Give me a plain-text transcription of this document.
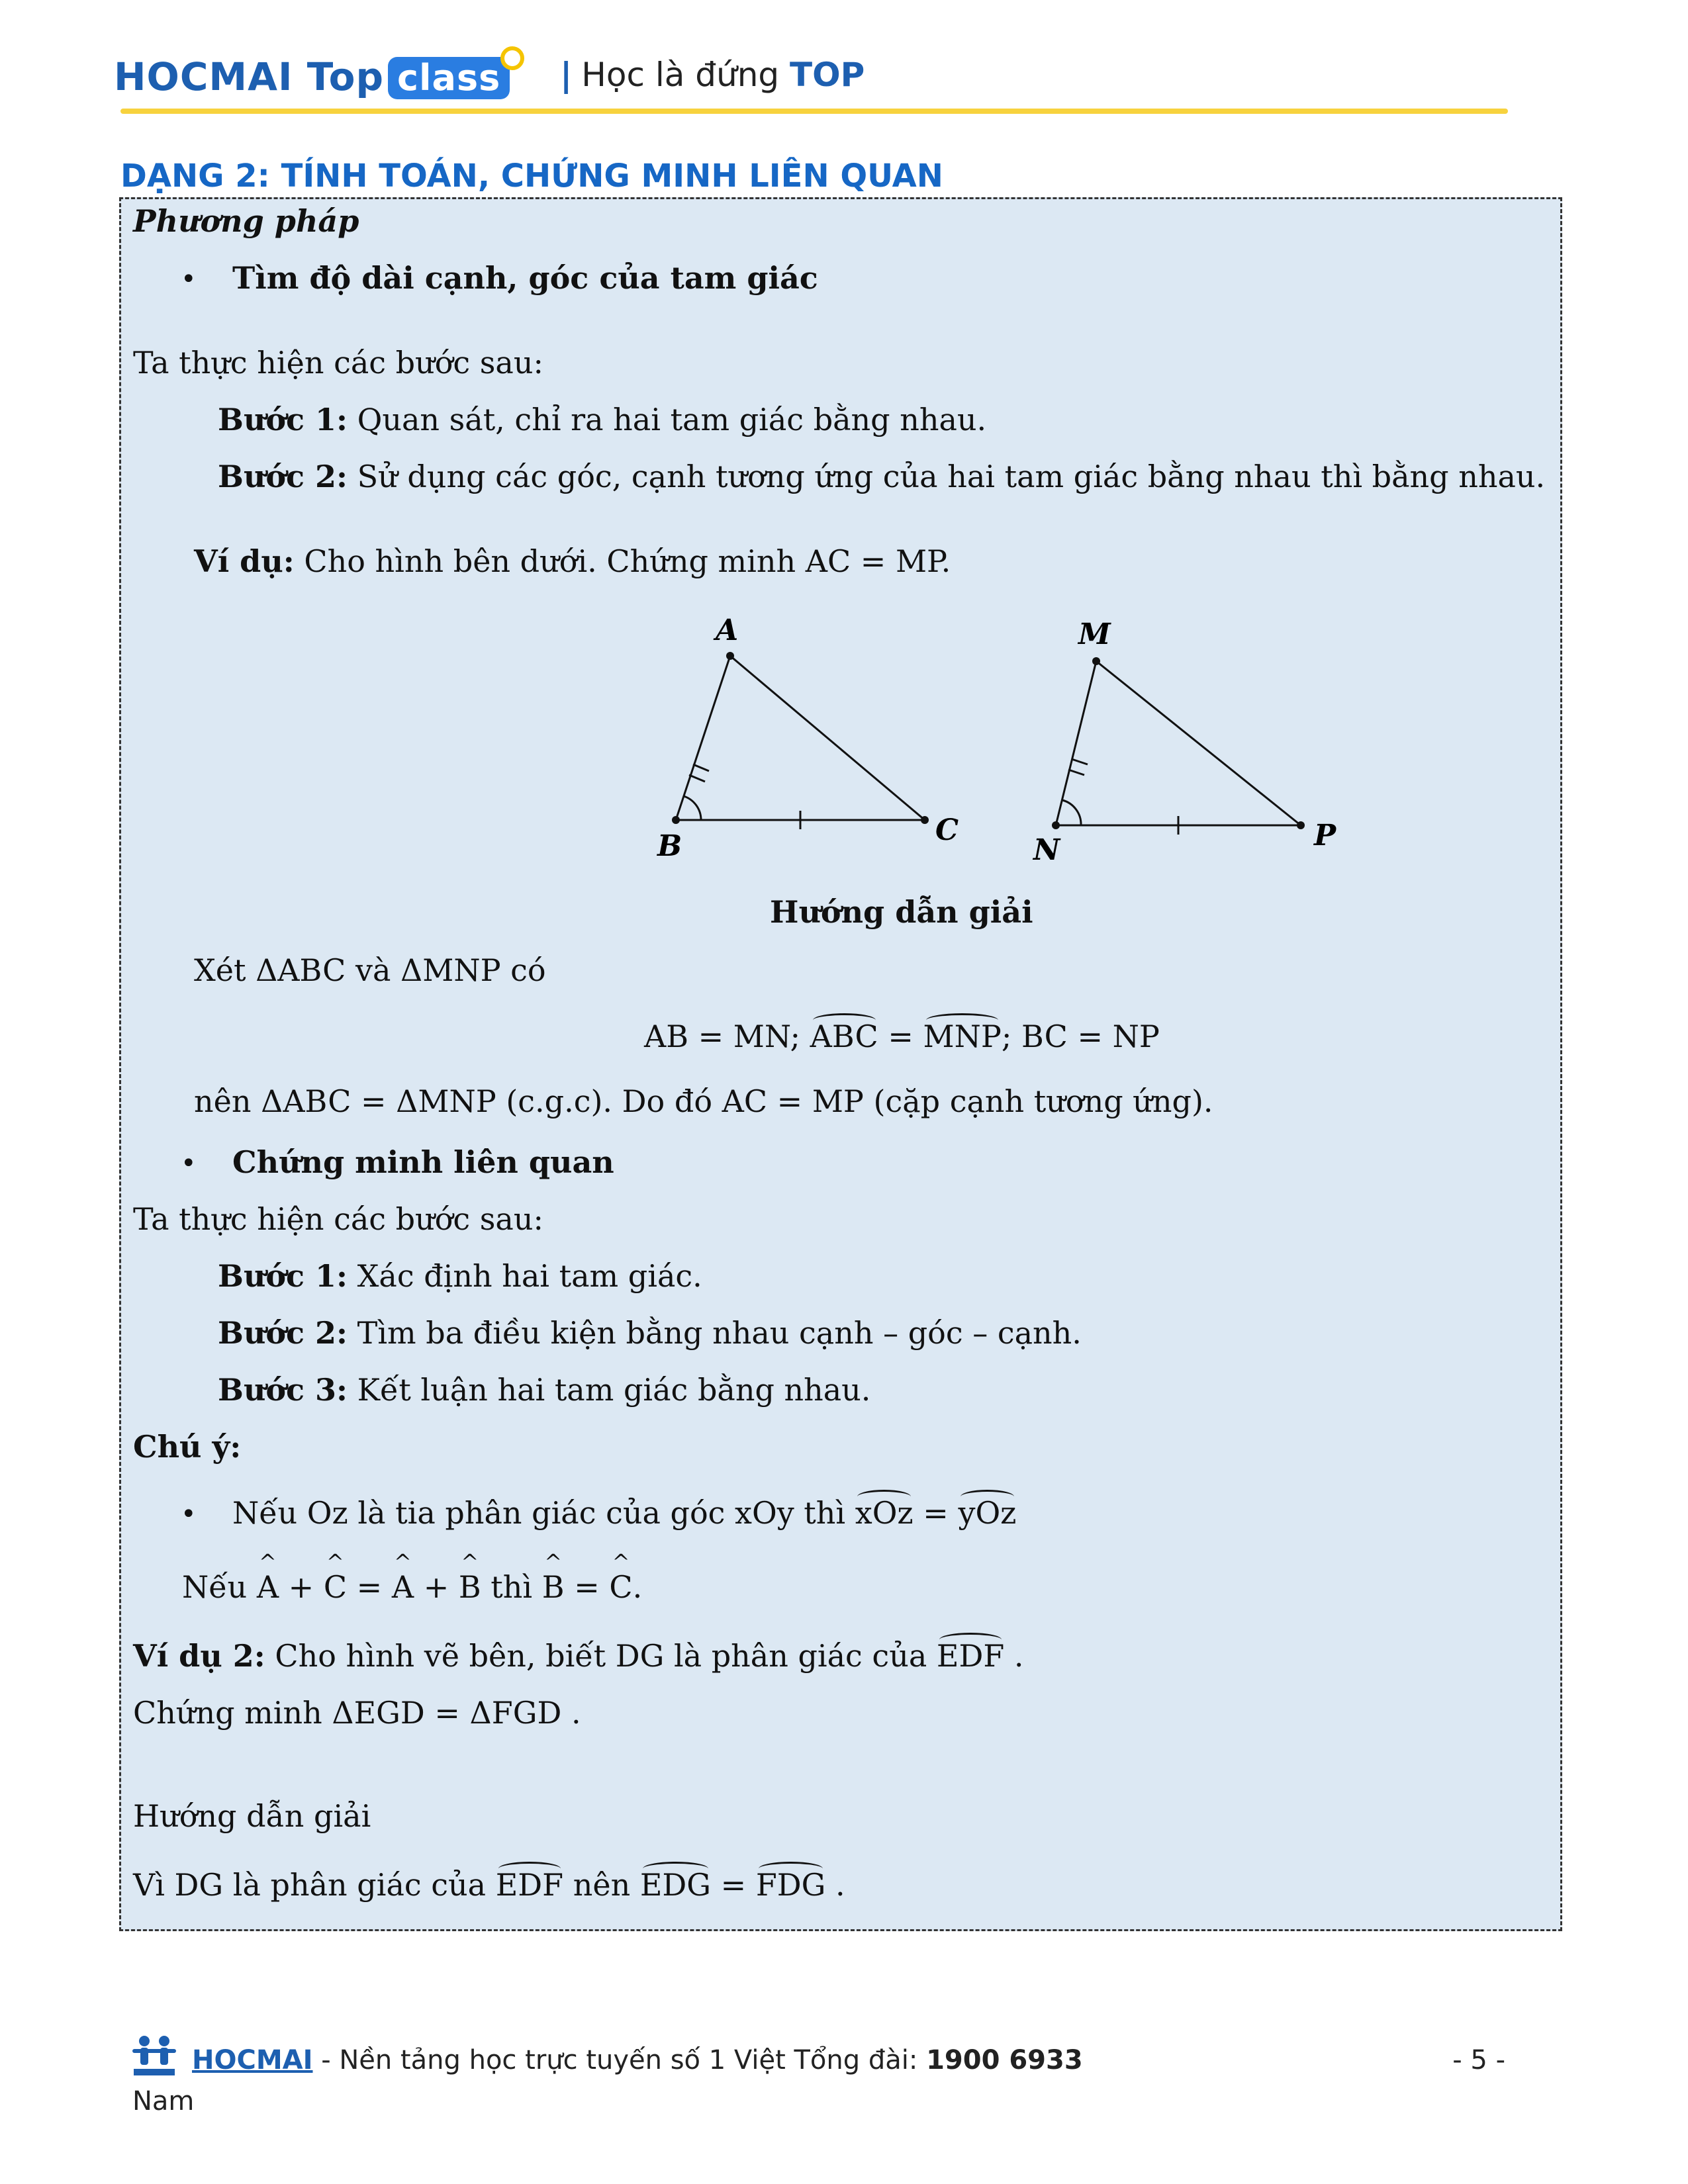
HOCMAI Top class | Học là đứng TOP
DẠNG 2: TÍNH TOÁN, CHỨNG MINH LIÊN QUAN
Phương pháp
• Tìm độ dài cạnh, góc của tam giác
Ta thực hiện các bước sau:
Bước 1: Quan sát, chỉ ra hai tam giác bằng nhau.
Bước 2: Sử dụng các góc, cạnh tương ứng của hai tam giác bằng nhau thì bằng nhau.
Ví dụ: Cho hình bên dưới. Chứng minh AC = MP.
A
B	C
M
N	P
Hướng dẫn giải
Xét ΔABC và ΔMNP có
AB = MN; ABC = MNP; BC = NP
nên ΔABC = ΔMNP (c.g.c). Do đó AC = MP (cặp cạnh tương ứng).
• Chứng minh liên quan
Ta thực hiện các bước sau:
Bước 1: Xác định hai tam giác.
Bước 2: Tìm ba điều kiện bằng nhau cạnh – góc – cạnh.
Bước 3: Kết luận hai tam giác bằng nhau.
Chú ý:
• Nếu Oz là tia phân giác của góc xOy thì xOz = yOz
Nếu ^ A + ^ C = ^ A + ^ B thì ^ B = ^ C.
Ví dụ 2: Cho hình vẽ bên, biết DG là phân giác của EDF .
Chứng minh ΔEGD = ΔFGD .
Hướng dẫn giải
Vì DG là phân giác của EDF nên EDG = FDG .
HOCMAI - Nền tảng học trực tuyến số 1 Việt Tổng đài: 1900 6933	- 5 -
Nam
